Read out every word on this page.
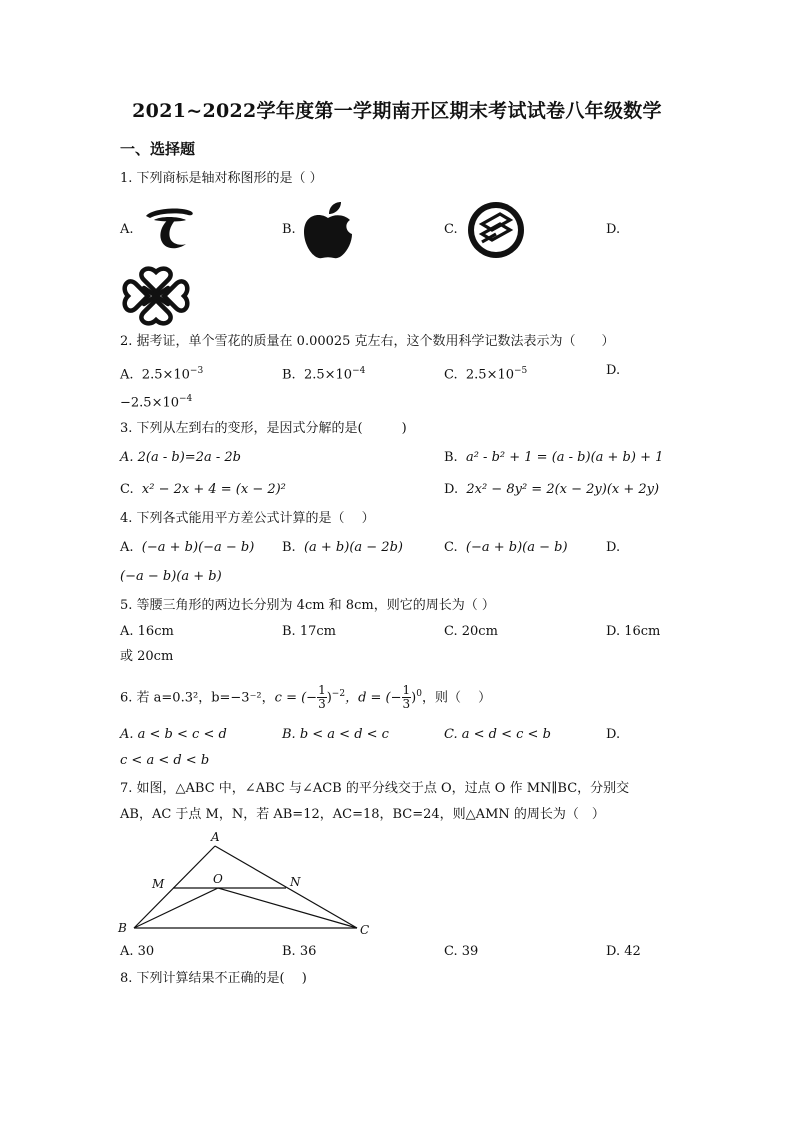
2021~2022学年度第一学期南开区期末考试试卷八年级数学
一、选择题
1. 下列商标是轴对称图形的是（ ）
A.	B.	C.	D.
2. 据考证，单个雪花的质量在 0.00025 克左右，这个数用科学记数法表示为（　　）
A. $2.5\times 10^{-3}$	B. $2.5\times 10^{-4}$	C. $2.5\times 10^{-5}$	D.
$-2.5\times 10^{-4}$
3. 下列从左到右的变形，是因式分解的是(　　　)
A. 2(a - b)=2a - 2b	B. a² - b² + 1 = (a - b)(a + b) + 1
C. x² − 2x + 4 = (x − 2)²	D. 2x² − 8y² = 2(x − 2y)(x + 2y)
4. 下列各式能用平方差公式计算的是（　 ）
A. (−a + b)(−a − b) B. (a + b)(a − 2b)	C. (−a + b)(a − b)	D.
(−a − b)(a + b)
5. 等腰三角形的两边长分别为 4cm 和 8cm，则它的周长为（ ）
A. 16cm	B. 17cm	C. 20cm	D. 16cm
或 20cm
6. 若 a=0.3²，b=−3⁻²，c = (− $\frac{1}{3} )^{-2}$，d = (− $\frac{1}{3} )^0$，则（　 ）
A. a < b < c < d	B. b < a < d < c	C. a < d < c < b	D.
c < a < d < b
7. 如图，△ABC 中，∠ABC 与∠ACB 的平分线交于点 O，过点 O 作 MN∥BC，分别交
AB，AC 于点 M，N，若 AB=12，AC=18，BC=24，则△AMN 的周长为（　）
A
M	O	N
B	C
A. 30	B. 36	C. 39	D. 42
8. 下列计算结果不正确的是(　 )
